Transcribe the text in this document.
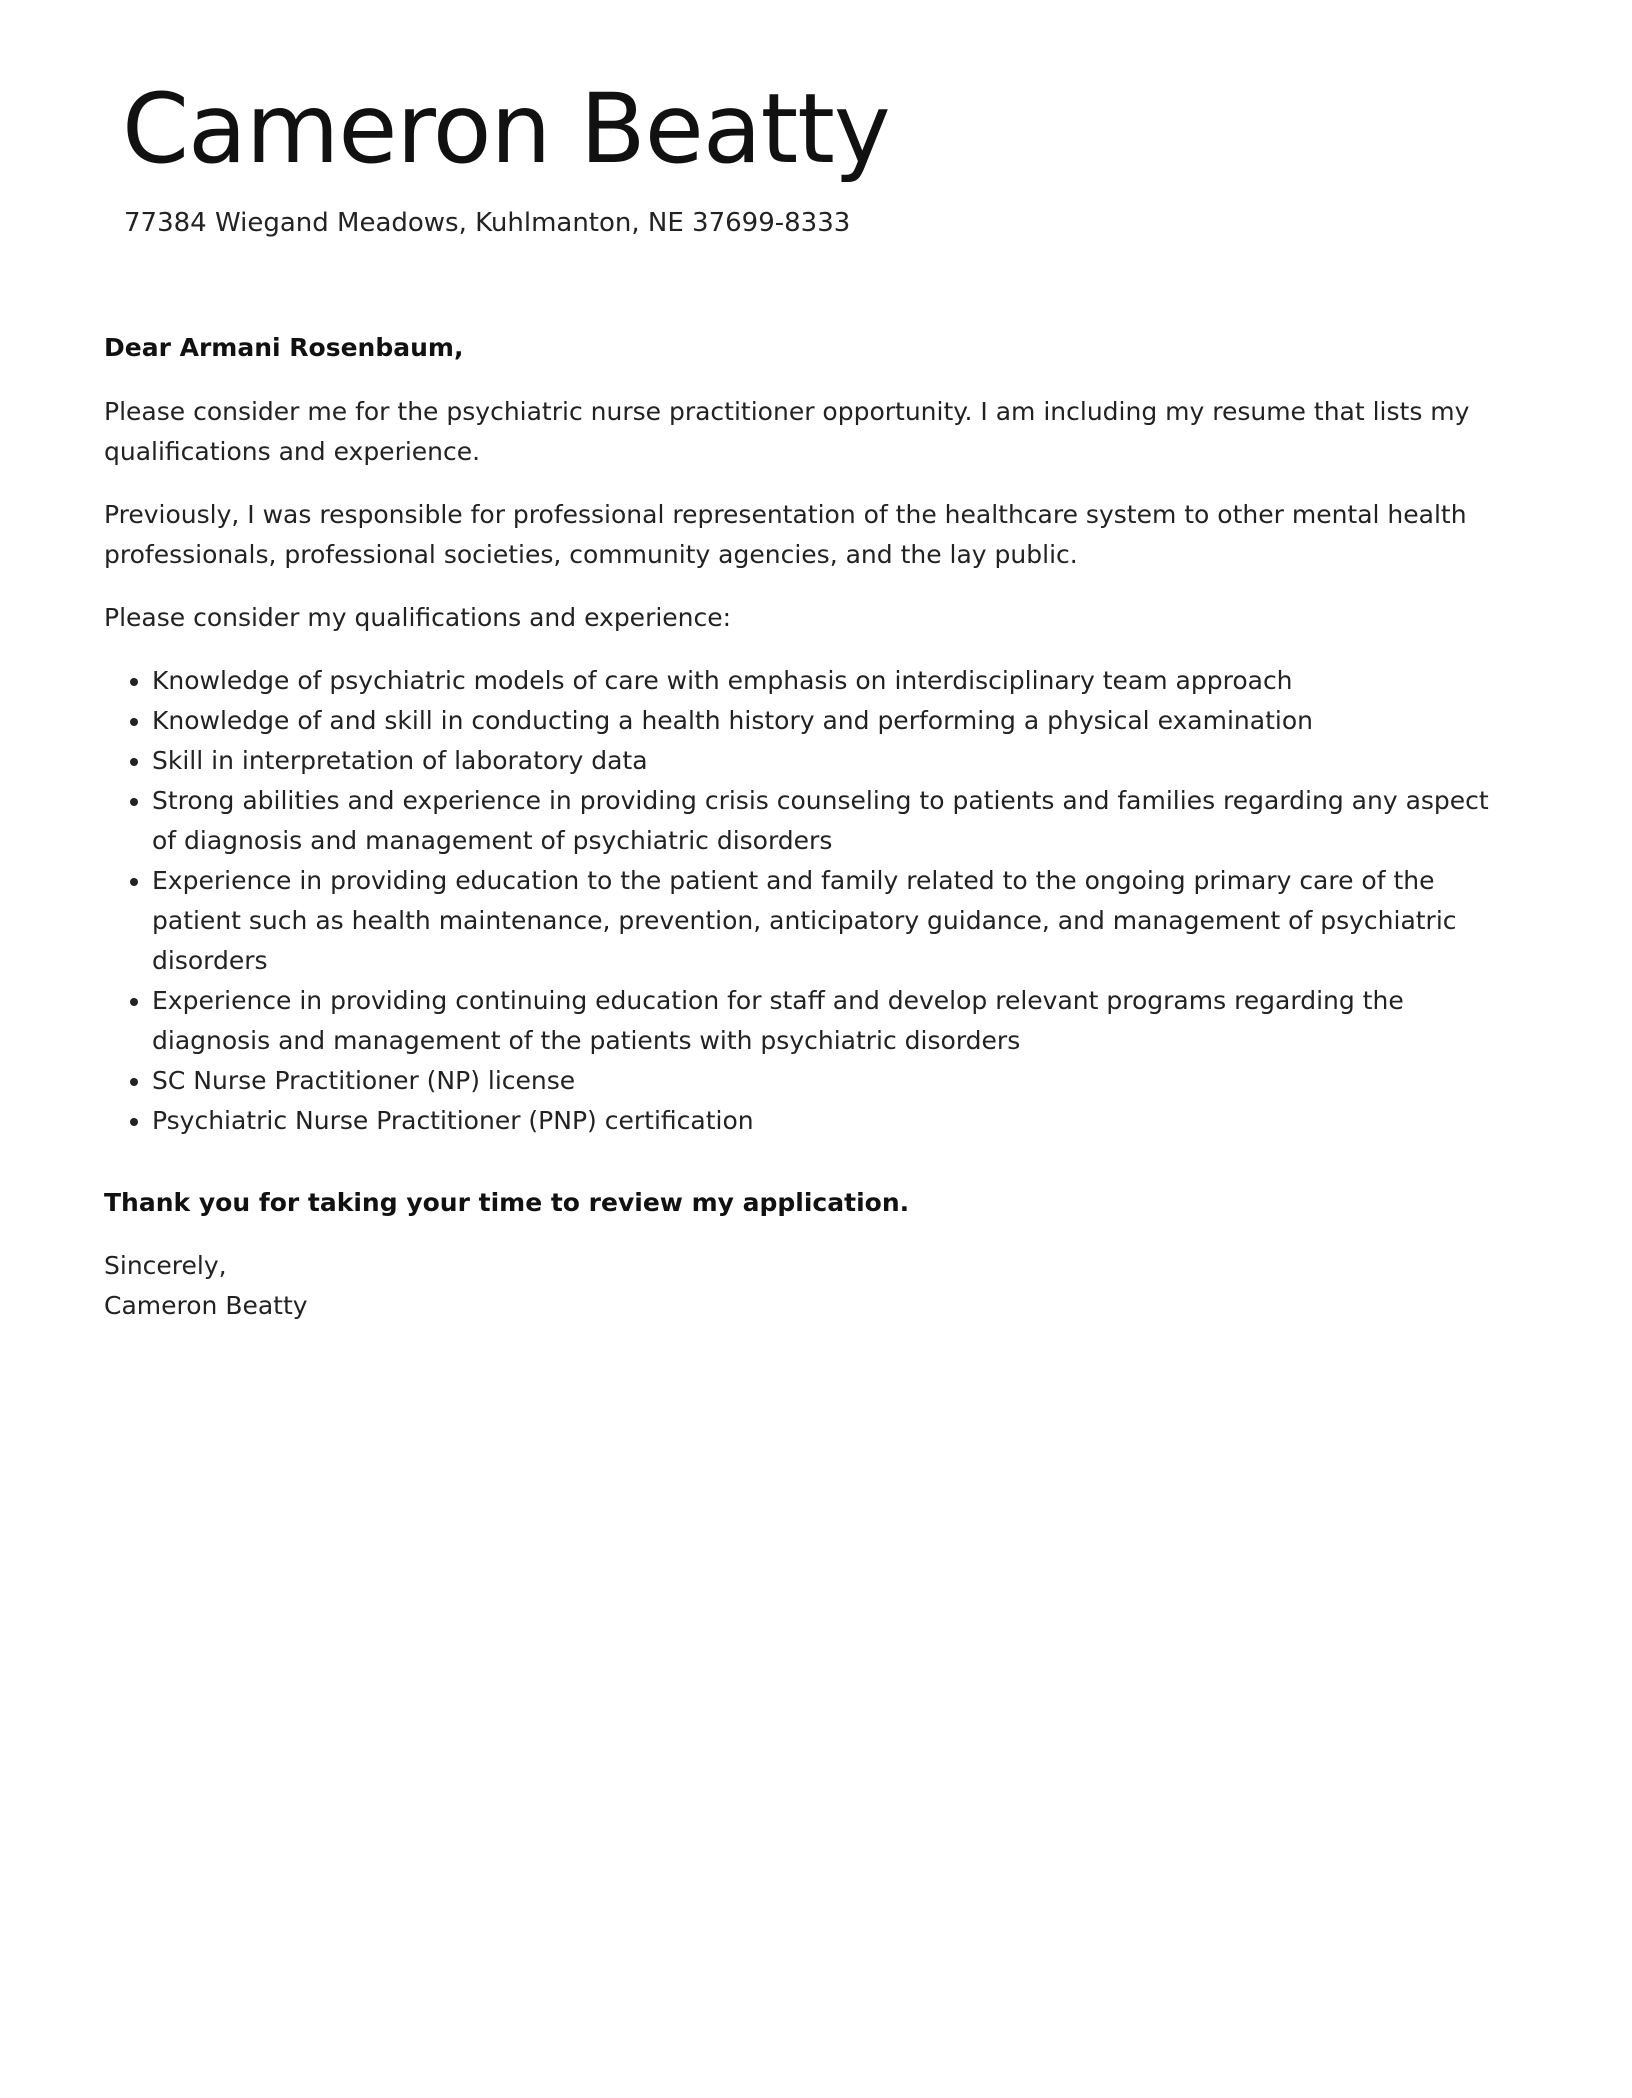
Cameron Beatty

77384 Wiegand Meadows, Kuhlmanton, NE 37699-8333

Dear Armani Rosenbaum,

Please consider me for the psychiatric nurse practitioner opportunity. I am including my resume that lists my qualifications and experience.

Previously, I was responsible for professional representation of the healthcare system to other mental health professionals, professional societies, community agencies, and the lay public.

Please consider my qualifications and experience:

• Knowledge of psychiatric models of care with emphasis on interdisciplinary team approach
• Knowledge of and skill in conducting a health history and performing a physical examination
• Skill in interpretation of laboratory data
• Strong abilities and experience in providing crisis counseling to patients and families regarding any aspect of diagnosis and management of psychiatric disorders
• Experience in providing education to the patient and family related to the ongoing primary care of the patient such as health maintenance, prevention, anticipatory guidance, and management of psychiatric disorders
• Experience in providing continuing education for staff and develop relevant programs regarding the diagnosis and management of the patients with psychiatric disorders
• SC Nurse Practitioner (NP) license
• Psychiatric Nurse Practitioner (PNP) certification

Thank you for taking your time to review my application.

Sincerely,

Cameron Beatty
